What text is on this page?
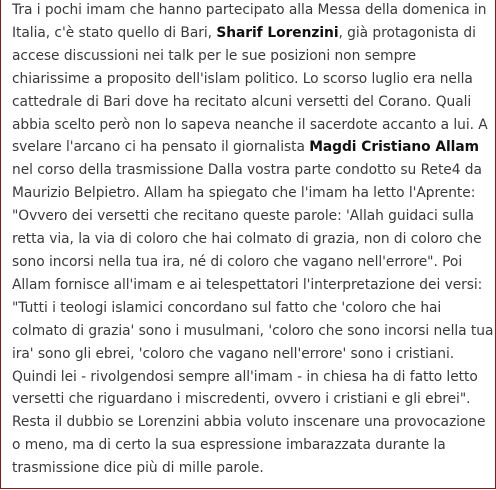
Tra i pochi imam che hanno partecipato alla Messa della domenica in Italia, c'è stato quello di Bari, Sharif Lorenzini, già protagonista di accese discussioni nei talk per le sue posizioni non sempre chiarissime a proposito dell'islam politico. Lo scorso luglio era nella cattedrale di Bari dove ha recitato alcuni versetti del Corano. Quali abbia scelto però non lo sapeva neanche il sacerdote accanto a lui. A svelare l'arcano ci ha pensato il giornalista Magdi Cristiano Allam nel corso della trasmissione Dalla vostra parte condotto su Rete4 da Maurizio Belpietro. Allam ha spiegato che l'imam ha letto l'Aprente: "Ovvero dei versetti che recitano queste parole: 'Allah guidaci sulla retta via, la via di coloro che hai colmato di grazia, non di coloro che sono incorsi nella tua ira, né di coloro che vagano nell'errore". Poi Allam fornisce all'imam e ai telespettatori l'interpretazione dei versi: "Tutti i teologi islamici concordano sul fatto che 'coloro che hai colmato di grazia' sono i musulmani, 'coloro che sono incorsi nella tua ira' sono gli ebrei, 'coloro che vagano nell'errore' sono i cristiani. Quindi lei - rivolgendosi sempre all'imam - in chiesa ha di fatto letto versetti che riguardano i miscredenti, ovvero i cristiani e gli ebrei". Resta il dubbio se Lorenzini abbia voluto inscenare una provocazione o meno, ma di certo la sua espressione imbarazzata durante la trasmissione dice più di mille parole.
